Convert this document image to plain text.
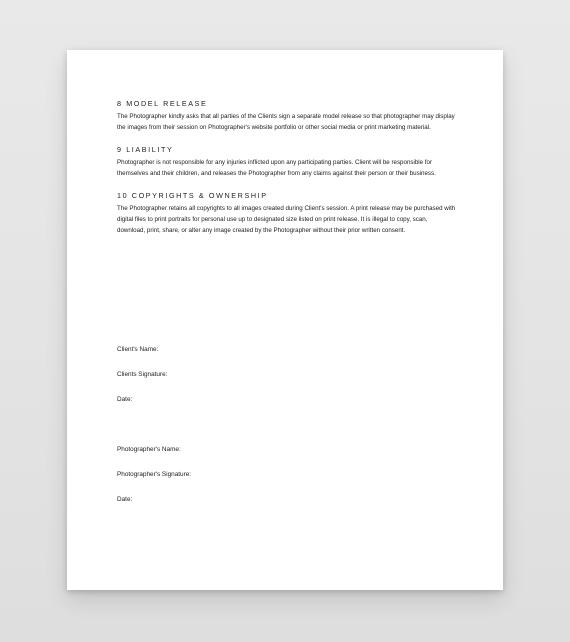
8 MODEL RELEASE
The Photographer kindly asks that all parties of the Clients sign a separate model release so that photographer may display the images from their session on Photographer's website portfolio or other social media or print marketing material.
9 LIABILITY
Photographer is not responsible for any injuries inflicted upon any participating parties. Client will be responsible for themselves and their children, and releases the Photographer from any claims against their person or their business.
10 COPYRIGHTS & OWNERSHIP
The Photographer retains all copyrights to all images created during Client's session. A print release may be purchased with digital files to print portraits for personal use up to designated size listed on print release. It is illegal to copy, scan, download, print, share, or alter any image created by the Photographer without their prior written consent.
Client's Name:
Clients Signature:
Date:
Photographer's Name:
Photographer's Signature:
Date:
